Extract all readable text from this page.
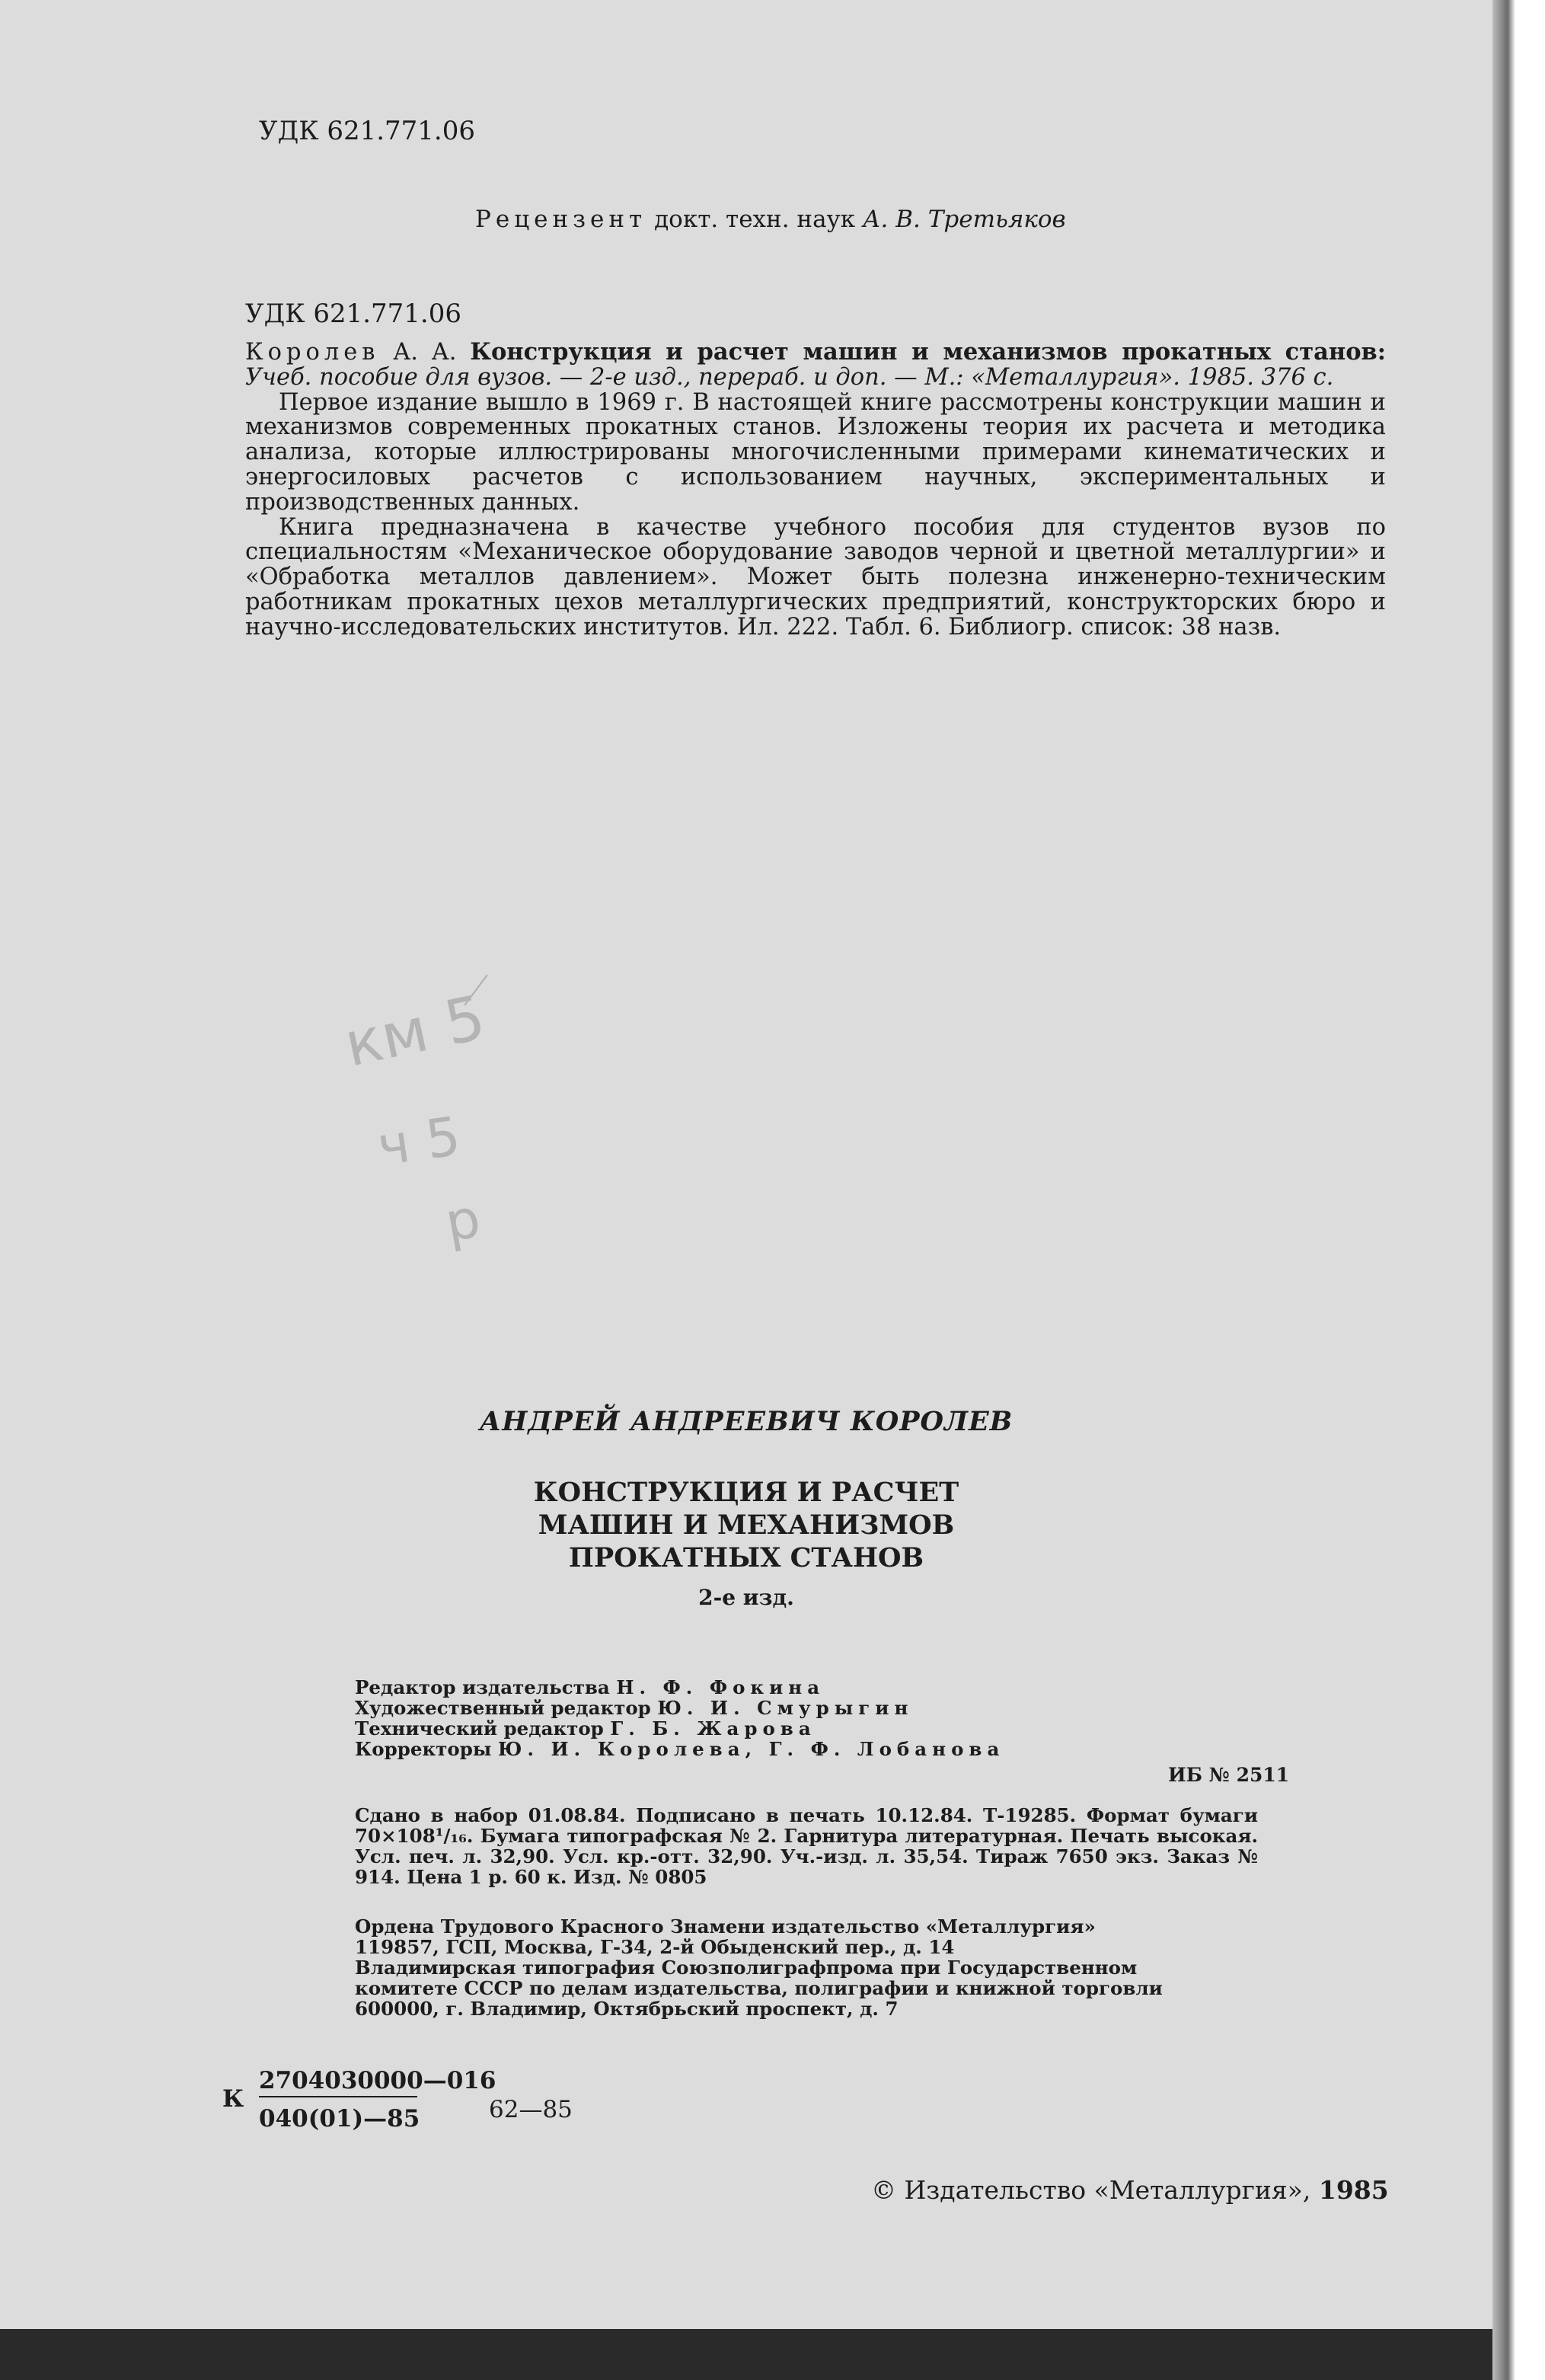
УДК 621.771.06
Рецензент докт. техн. наук А. В. Третьяков
УДК 621.771.06

Королев А. А. Конструкция и расчет машин и механизмов прокатных станов: Учеб. пособие для вузов. — 2-е изд., перераб. и доп. — М.: «Металлургия». 1985. 376 с.

Первое издание вышло в 1969 г. В настоящей книге рассмотрены конструкции машин и механизмов современных прокатных станов. Изложены теория их расчета и методика анализа, которые иллюстрированы многочисленными примерами кинематических и энергосиловых расчетов с использованием научных, экспериментальных и производственных данных.

Книга предназначена в качестве учебного пособия для студентов вузов по специальностям «Механическое оборудование заводов черной и цветной металлургии» и «Обработка металлов давлением». Может быть полезна инженерно-техническим работникам прокатных цехов металлургических предприятий, конструкторских бюро и научно-исследовательских институтов. Ил. 222. Табл. 6. Библиогр. список: 38 назв.

км 5
ч 5
р
АНДРЕЙ АНДРЕЕВИЧ КОРОЛЕВ
КОНСТРУКЦИЯ И РАСЧЕТ
МАШИН И МЕХАНИЗМОВ
ПРОКАТНЫХ СТАНОВ
2-е изд.
Редактор издательства Н. Ф. Фокина
Художественный редактор Ю. И. Смурыгин
Технический редактор Г. Б. Жарова
Корректоры Ю. И. Королева, Г. Ф. Лобанова
ИБ № 2511
Сдано в набор 01.08.84. Подписано в печать 10.12.84. Т-19285. Формат бумаги 70×108¹/₁₆. Бумага типографская № 2. Гарнитура литературная. Печать высокая. Усл. печ. л. 32,90. Усл. кр.-отт. 32,90. Уч.-изд. л. 35,54. Тираж 7650 экз. Заказ № 914. Цена 1 р. 60 к. Изд. № 0805
Ордена Трудового Красного Знамени издательство «Металлургия»
119857, ГСП, Москва, Г-34, 2-й Обыденский пер., д. 14
Владимирская типография Союзполиграфпрома при Государственном
комитете СССР по делам издательства, полиграфии и книжной торговли
600000, г. Владимир, Октябрьский проспект, д. 7
К
2704030000—016
040(01)—85	62—85
© Издательство «Металлургия», 1985
